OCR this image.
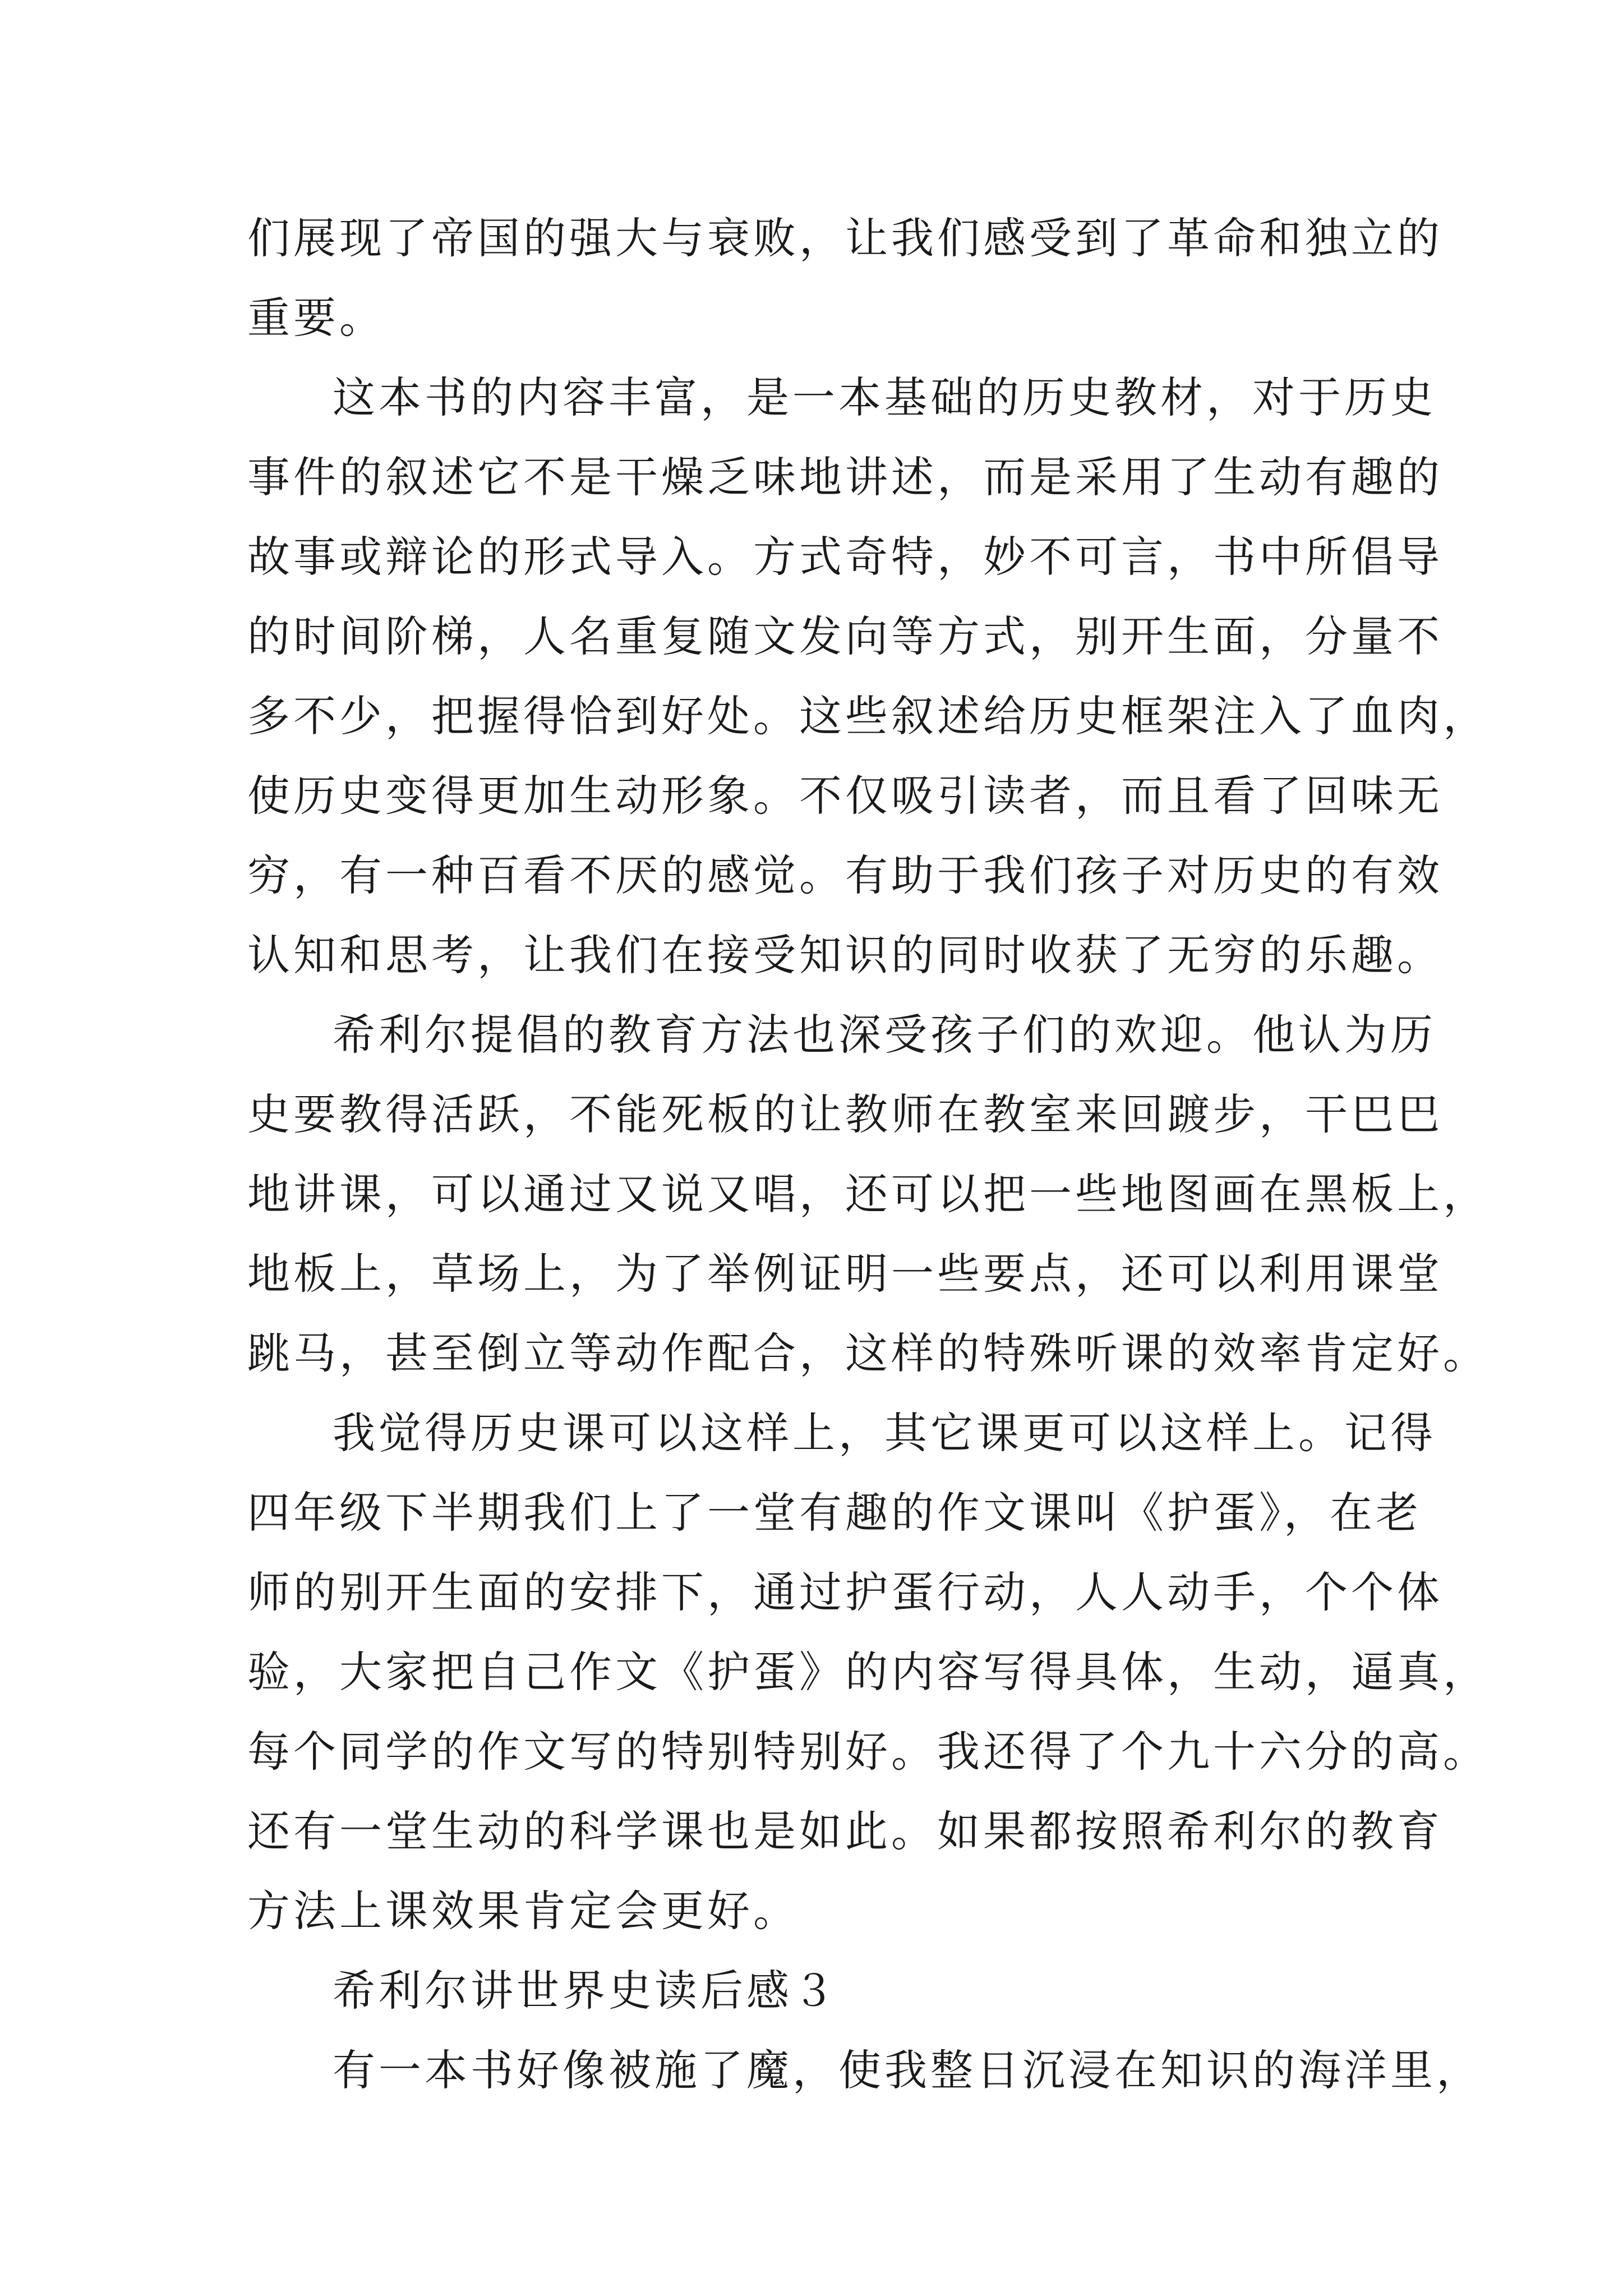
们展现了帝国的强大与衰败，让我们感受到了革命和独立的
重要。
这本书的内容丰富，是一本基础的历史教材，对于历史
事件的叙述它不是干燥乏味地讲述，而是采用了生动有趣的
故事或辩论的形式导入。方式奇特，妙不可言，书中所倡导
的时间阶梯，人名重复随文发向等方式，别开生面，分量不
多不少，把握得恰到好处。这些叙述给历史框架注入了血肉，
使历史变得更加生动形象。不仅吸引读者，而且看了回味无
穷，有一种百看不厌的感觉。有助于我们孩子对历史的有效
认知和思考，让我们在接受知识的同时收获了无穷的乐趣。
希利尔提倡的教育方法也深受孩子们的欢迎。他认为历
史要教得活跃，不能死板的让教师在教室来回踱步，干巴巴
地讲课，可以通过又说又唱，还可以把一些地图画在黑板上，
地板上，草场上，为了举例证明一些要点，还可以利用课堂
跳马，甚至倒立等动作配合，这样的特殊听课的效率肯定好。
我觉得历史课可以这样上，其它课更可以这样上。记得
四年级下半期我们上了一堂有趣的作文课叫《护蛋》，在老
师的别开生面的安排下，通过护蛋行动，人人动手，个个体
验，大家把自己作文《护蛋》的内容写得具体，生动，逼真，
每个同学的作文写的特别特别好。我还得了个九十六分的高。
还有一堂生动的科学课也是如此。如果都按照希利尔的教育
方法上课效果肯定会更好。
希利尔讲世界史读后感３
有一本书好像被施了魔，使我整日沉浸在知识的海洋里，
